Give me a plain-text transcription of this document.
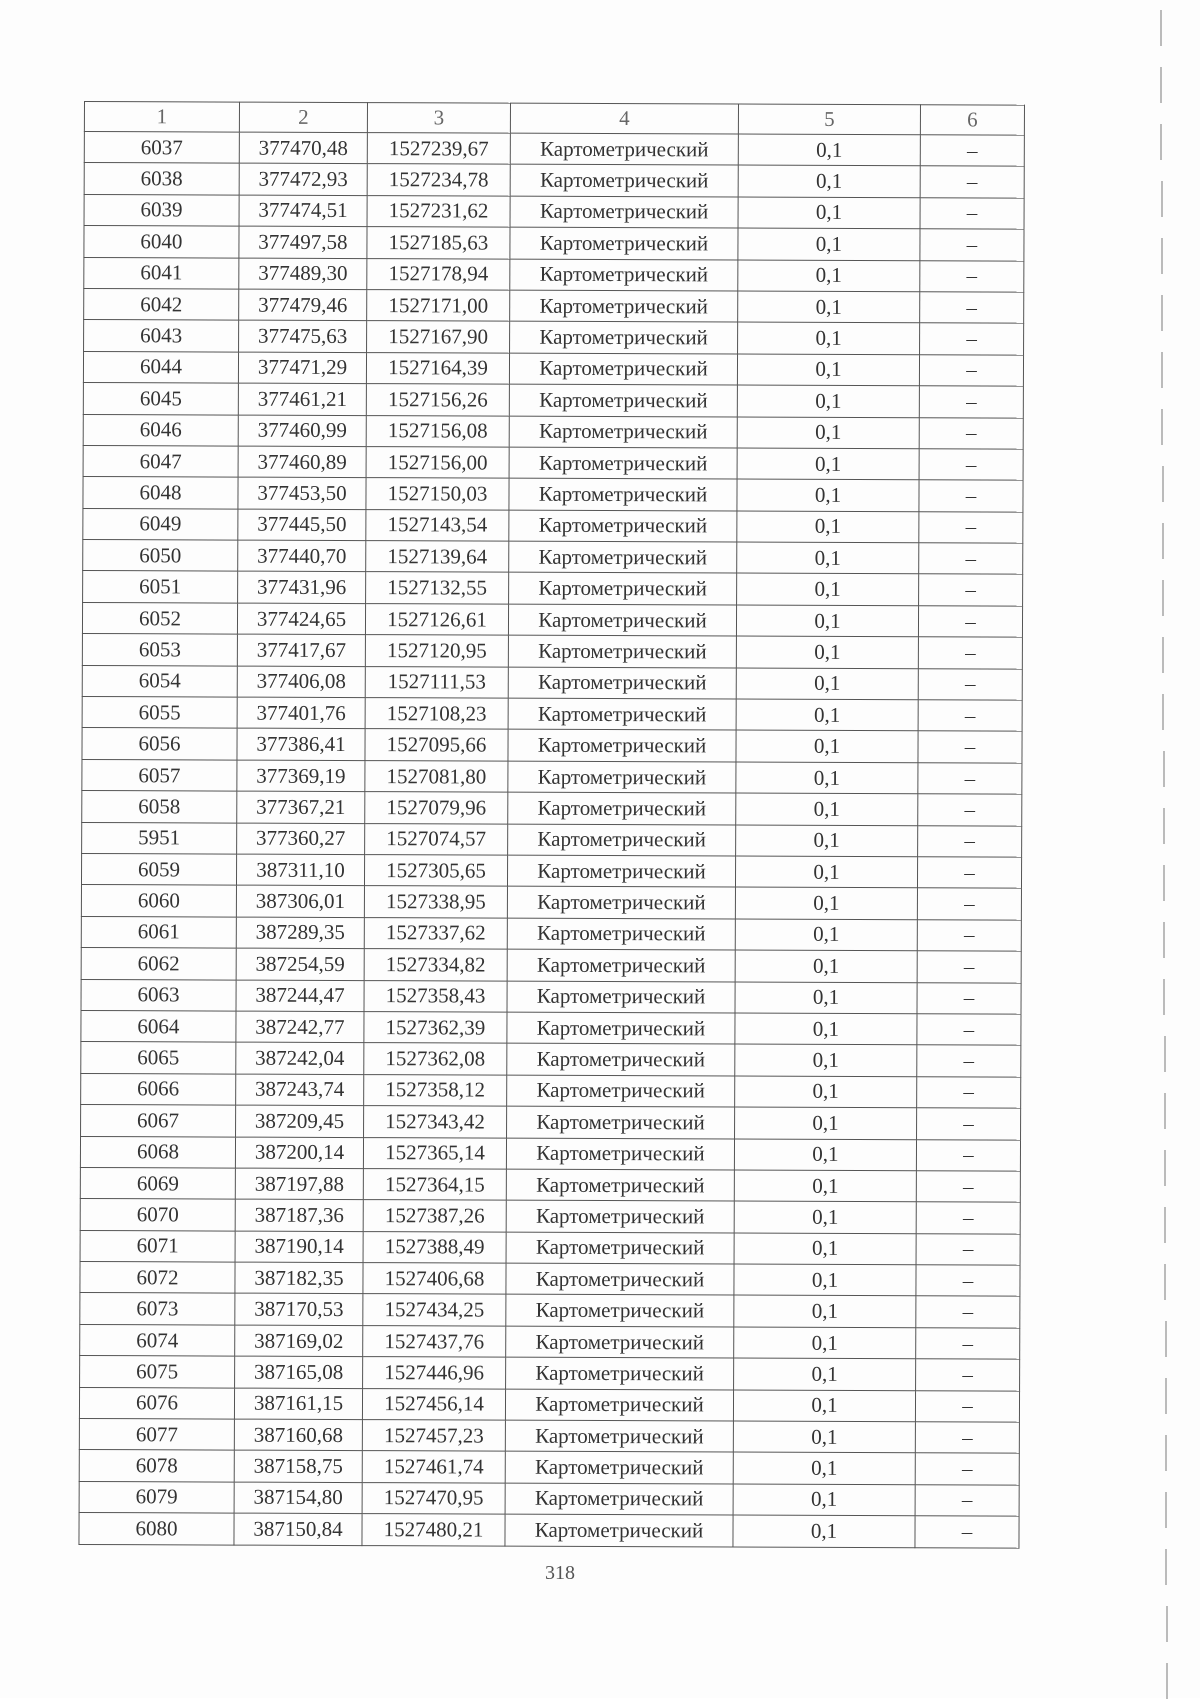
1	2	3	4	5	6
6037	377470,48	1527239,67	Картометрический	0,1	–
6038	377472,93	1527234,78	Картометрический	0,1	–
6039	377474,51	1527231,62	Картометрический	0,1	–
6040	377497,58	1527185,63	Картометрический	0,1	–
6041	377489,30	1527178,94	Картометрический	0,1	–
6042	377479,46	1527171,00	Картометрический	0,1	–
6043	377475,63	1527167,90	Картометрический	0,1	–
6044	377471,29	1527164,39	Картометрический	0,1	–
6045	377461,21	1527156,26	Картометрический	0,1	–
6046	377460,99	1527156,08	Картометрический	0,1	–
6047	377460,89	1527156,00	Картометрический	0,1	–
6048	377453,50	1527150,03	Картометрический	0,1	–
6049	377445,50	1527143,54	Картометрический	0,1	–
6050	377440,70	1527139,64	Картометрический	0,1	–
6051	377431,96	1527132,55	Картометрический	0,1	–
6052	377424,65	1527126,61	Картометрический	0,1	–
6053	377417,67	1527120,95	Картометрический	0,1	–
6054	377406,08	1527111,53	Картометрический	0,1	–
6055	377401,76	1527108,23	Картометрический	0,1	–
6056	377386,41	1527095,66	Картометрический	0,1	–
6057	377369,19	1527081,80	Картометрический	0,1	–
6058	377367,21	1527079,96	Картометрический	0,1	–
5951	377360,27	1527074,57	Картометрический	0,1	–
6059	387311,10	1527305,65	Картометрический	0,1	–
6060	387306,01	1527338,95	Картометрический	0,1	–
6061	387289,35	1527337,62	Картометрический	0,1	–
6062	387254,59	1527334,82	Картометрический	0,1	–
6063	387244,47	1527358,43	Картометрический	0,1	–
6064	387242,77	1527362,39	Картометрический	0,1	–
6065	387242,04	1527362,08	Картометрический	0,1	–
6066	387243,74	1527358,12	Картометрический	0,1	–
6067	387209,45	1527343,42	Картометрический	0,1	–
6068	387200,14	1527365,14	Картометрический	0,1	–
6069	387197,88	1527364,15	Картометрический	0,1	–
6070	387187,36	1527387,26	Картометрический	0,1	–
6071	387190,14	1527388,49	Картометрический	0,1	–
6072	387182,35	1527406,68	Картометрический	0,1	–
6073	387170,53	1527434,25	Картометрический	0,1	–
6074	387169,02	1527437,76	Картометрический	0,1	–
6075	387165,08	1527446,96	Картометрический	0,1	–
6076	387161,15	1527456,14	Картометрический	0,1	–
6077	387160,68	1527457,23	Картометрический	0,1	–
6078	387158,75	1527461,74	Картометрический	0,1	–
6079	387154,80	1527470,95	Картометрический	0,1	–
6080	387150,84	1527480,21	Картометрический	0,1	–
318
